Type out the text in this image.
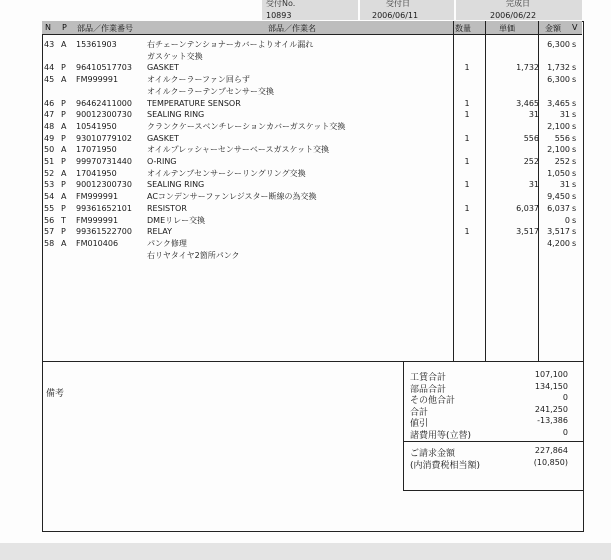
受付No.
10893
受付日
2006/06/11
完成日
2006/06/22
N P 部品／作業番号	部品／作業名	数量	単価	金額 V
43 A 15361903	右チェーンテンショナーカバーよりオイル漏れ	6,300 s
ガスケット交換
44 P 96410517703 GASKET	1	1,732	1,732 s
45 A FM999991	オイルクーラーファン回らず	6,300 s
オイルクーラーテンプセンサー交換
46 P 96462411000 TEMPERATURE SENSOR	1	3,465	3,465 s
47 P 90012300730 SEALING RING	1	31	31 s
48 A 10541950	クランクケースベンチレーションカバーガスケット交換	2,100 s
49 P 93010779102 GASKET	1	556	556 s
50 A 17071950	オイルプレッシャーセンサーベースガスケット交換	2,100 s
51 P 99970731440 O-RING	1	252	252 s
52 A 17041950	オイルテンプセンサーシーリングリング交換	1,050 s
53 P 90012300730 SEALING RING	1	31	31 s
54 A FM999991	ACコンデンサーファンレジスター断線の為交換	9,450 s
55 P 99361652101 RESISTOR	1	6,037	6,037 s
56 T FM999991	DMEリレー交換	0 s
57 P 99361522700 RELAY	1	3,517	3,517 s
58 A FM010406	パンク修理	4,200 s
右リヤタイヤ2箇所パンク
備考
工賃合計	107,100
部品合計	134,150
その他合計	0
合計	241,250
値引	-13,386
諸費用等(立替)	0
ご請求金額	227,864
(内消費税相当額)	(10,850)
